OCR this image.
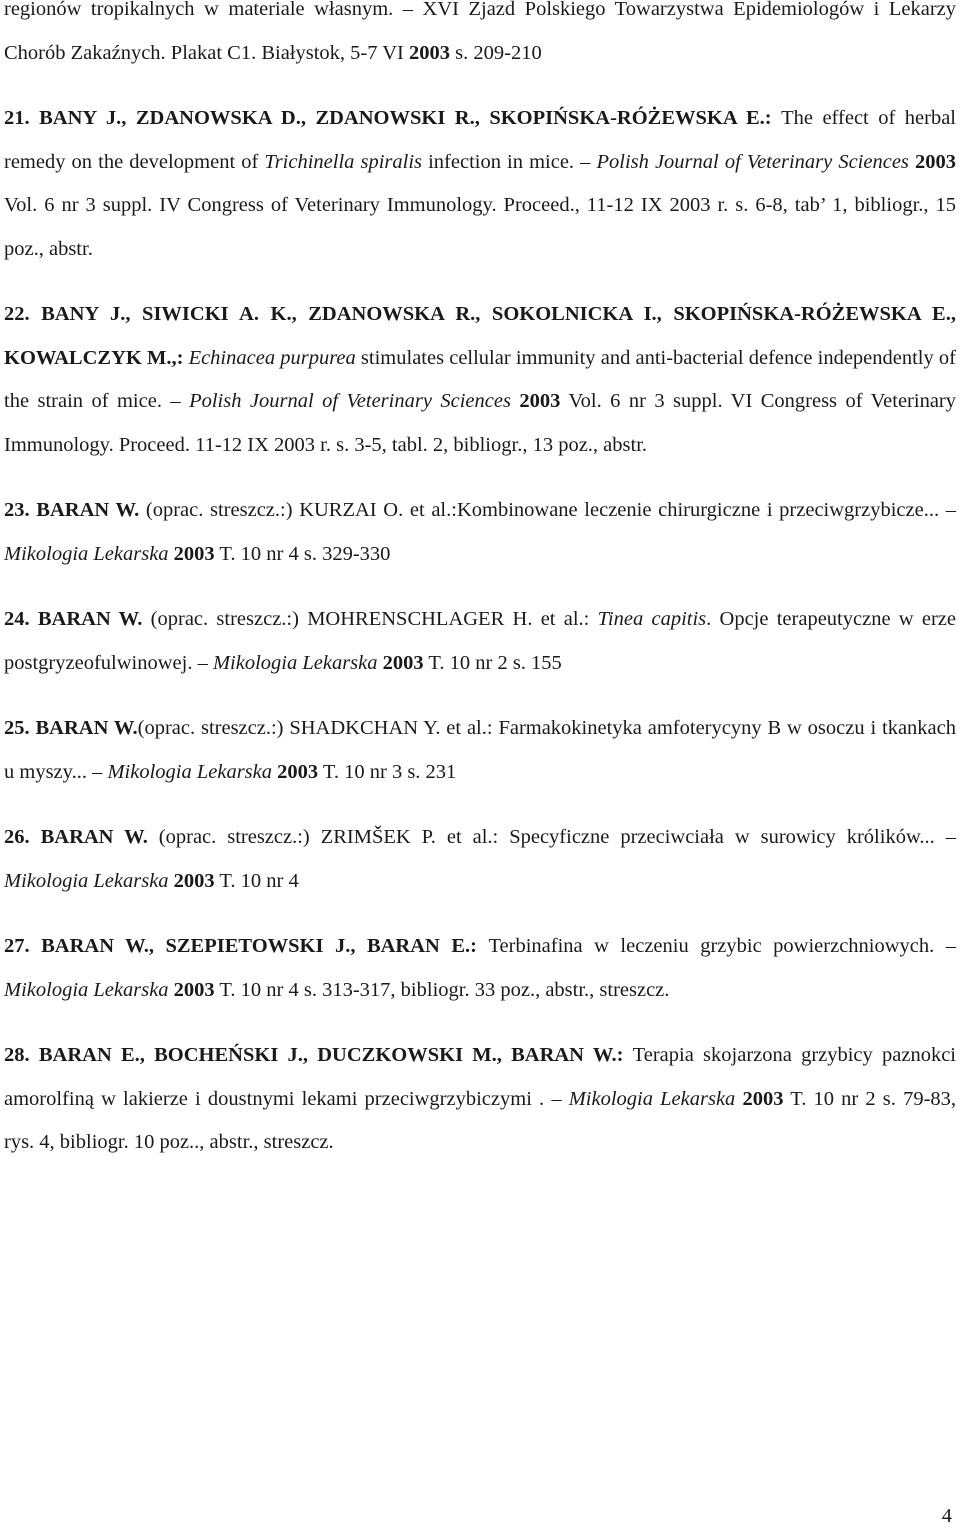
regionów tropikalnych w materiale własnym. – XVI Zjazd Polskiego Towarzystwa Epidemiologów i Lekarzy Chorób Zakaźnych. Plakat C1. Białystok, 5-7 VI 2003 s. 209-210

21. BANY J., ZDANOWSKA D., ZDANOWSKI R., SKOPIŃSKA-RÓŻEWSKA E.: The effect of herbal remedy on the development of Trichinella spiralis infection in mice. – Polish Journal of Veterinary Sciences 2003 Vol. 6 nr 3 suppl. IV Congress of Veterinary Immunology. Proceed., 11-12 IX 2003 r. s. 6-8, tab’ 1, bibliogr., 15 poz., abstr.

22. BANY J., SIWICKI A. K., ZDANOWSKA R., SOKOLNICKA I., SKOPIŃSKA-RÓŻEWSKA E., KOWALCZYK M.,: Echinacea purpurea stimulates cellular immunity and anti-bacterial defence independently of the strain of mice. – Polish Journal of Veterinary Sciences 2003 Vol. 6 nr 3 suppl. VI Congress of Veterinary Immunology. Proceed. 11-12 IX 2003 r. s. 3-5, tabl. 2, bibliogr., 13 poz., abstr.

23. BARAN W. (oprac. streszcz.:) KURZAI O. et al.:Kombinowane leczenie chirurgiczne i przeciwgrzybicze... – Mikologia Lekarska 2003 T. 10 nr 4 s. 329-330

24. BARAN W. (oprac. streszcz.:) MOHRENSCHLAGER H. et al.: Tinea capitis. Opcje terapeutyczne w erze postgryzeofulwinowej. – Mikologia Lekarska 2003 T. 10 nr 2 s. 155

25. BARAN W.(oprac. streszcz.:) SHADKCHAN Y. et al.: Farmakokinetyka amfoterycyny B w osoczu i tkankach u myszy... – Mikologia Lekarska 2003 T. 10 nr 3 s. 231

26. BARAN W. (oprac. streszcz.:) ZRIMŠEK P. et al.: Specyficzne przeciwciała w surowicy królików... – Mikologia Lekarska 2003 T. 10 nr 4

27. BARAN W., SZEPIETOWSKI J., BARAN E.: Terbinafina w leczeniu grzybic powierzchniowych. – Mikologia Lekarska 2003 T. 10 nr 4 s. 313-317, bibliogr. 33 poz., abstr., streszcz.

28. BARAN E., BOCHEŃSKI J., DUCZKOWSKI M., BARAN W.: Terapia skojarzona grzybicy paznokci amorolfiną w lakierze i doustnymi lekami przeciwgrzybiczymi . – Mikologia Lekarska 2003 T. 10 nr 2 s. 79-83, rys. 4, bibliogr. 10 poz.., abstr., streszcz.

4
